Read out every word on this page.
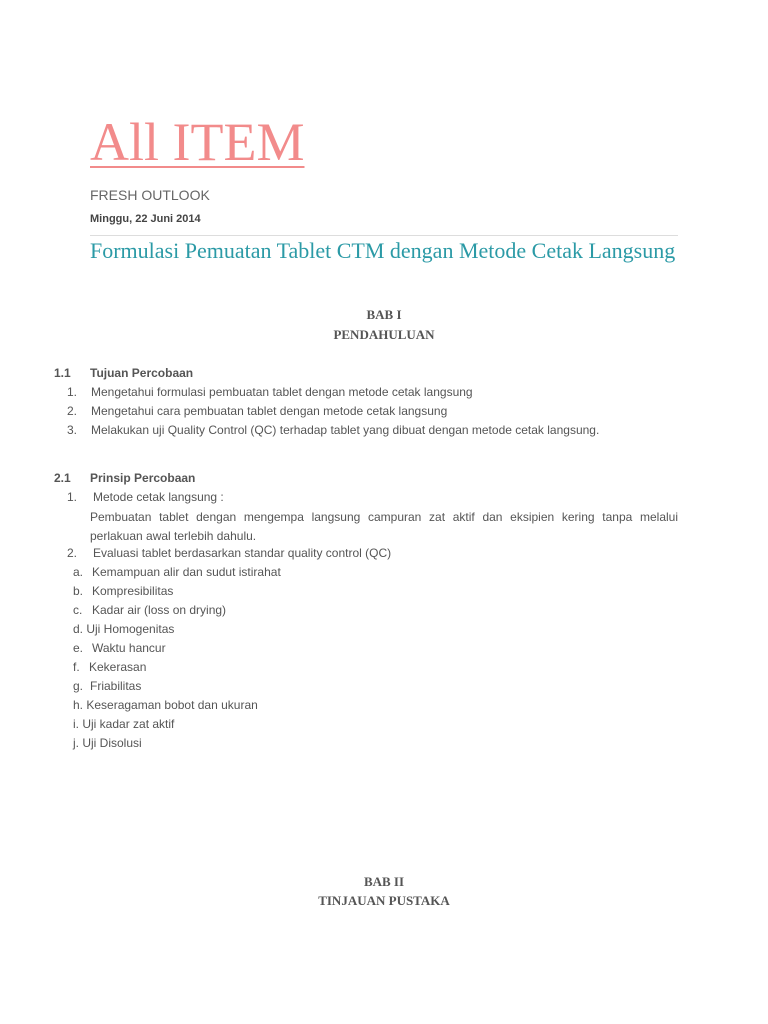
All ITEM
FRESH OUTLOOK
Minggu, 22 Juni 2014
Formulasi Pemuatan Tablet CTM dengan Metode Cetak Langsung
BAB I
PENDAHULUAN
1.1 Tujuan Percobaan
1. Mengetahui formulasi pembuatan tablet dengan metode cetak langsung
2. Mengetahui cara pembuatan tablet dengan metode cetak langsung
3. Melakukan uji Quality Control (QC) terhadap tablet yang dibuat dengan metode cetak langsung.
2.1 Prinsip Percobaan
1. Metode cetak langsung :
Pembuatan tablet dengan mengempa langsung campuran zat aktif dan eksipien kering tanpa melalui perlakuan awal terlebih dahulu.
2. Evaluasi tablet berdasarkan standar quality control (QC)
a. Kemampuan alir dan sudut istirahat
b. Kompresibilitas
c. Kadar air (loss on drying)
d. Uji Homogenitas
e. Waktu hancur
f. Kekerasan
g. Friabilitas
h. Keseragaman bobot dan ukuran
i. Uji kadar zat aktif
j. Uji Disolusi
BAB II
TINJAUAN PUSTAKA
